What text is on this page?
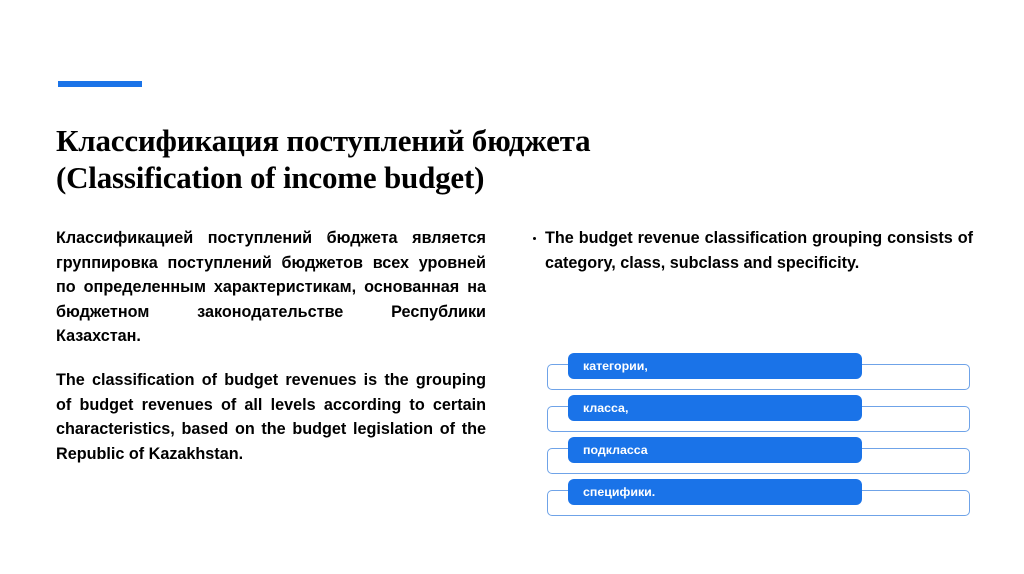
Классификация поступлений бюджета
(Classification of income budget)

Классификацией поступлений бюджета является группировка поступлений бюджетов всех уровней по определенным характеристикам, основанная на бюджетном законодательстве Республики Казахстан.

The classification of budget revenues is the grouping of budget revenues of all levels according to certain characteristics, based on the budget legislation of the Republic of Kazakhstan.

The budget revenue classification grouping consists of category, class, subclass and specificity.
категории,
класса,
подкласса
специфики.
